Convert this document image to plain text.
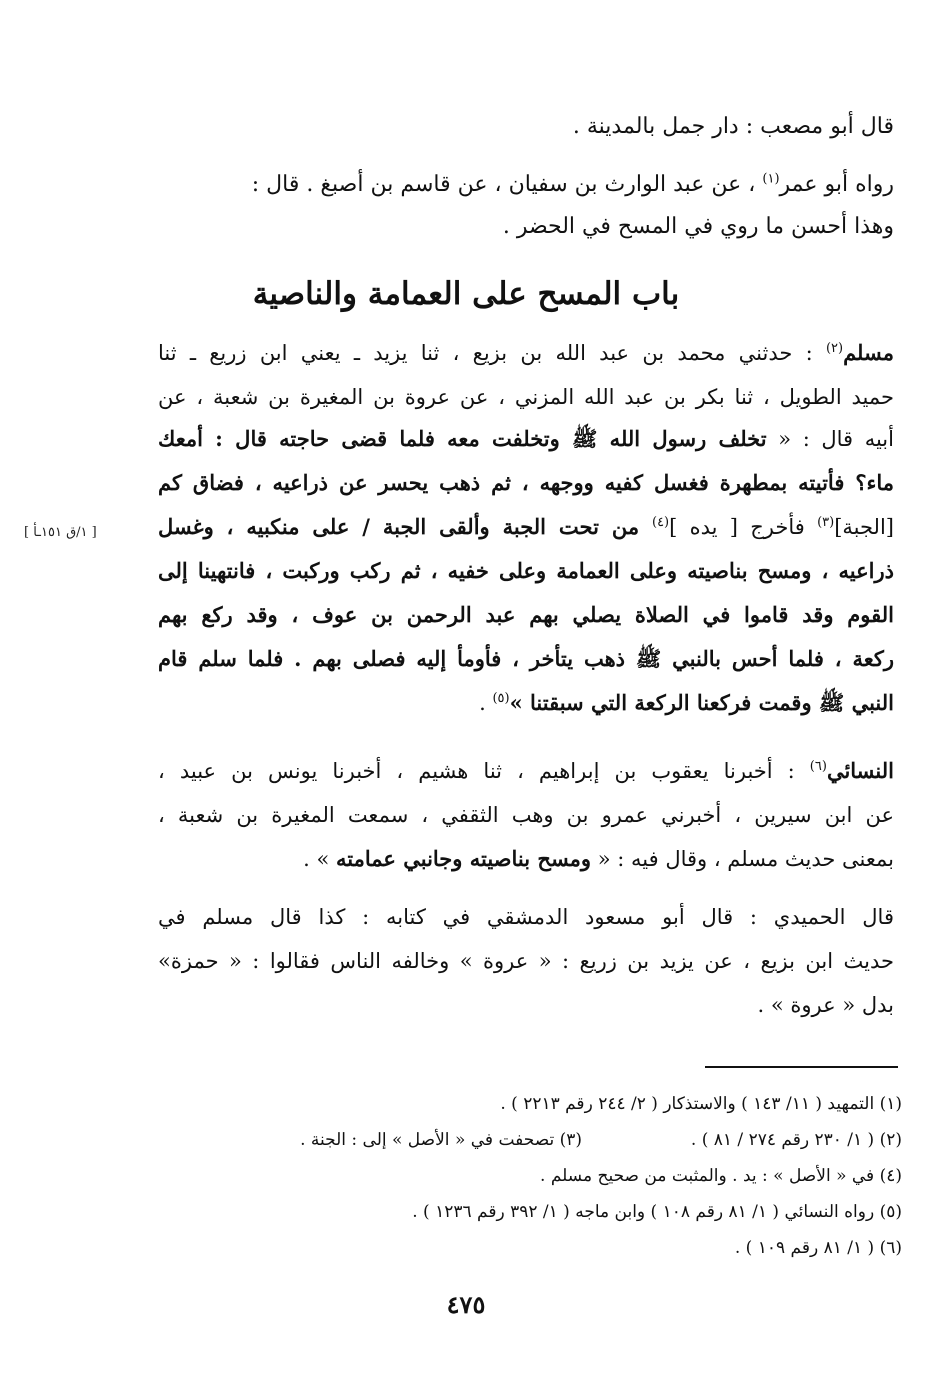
قال أبو مصعب : دار جمل بالمدينة .
رواه أبو عمر$^{(١)}$ ، عن عبد الوارث بن سفيان ، عن قاسم بن أصبغ . قال :
وهذا أحسن ما روي في المسح في الحضر .
باب المسح على العمامة والناصية
مسلم$^{(٢)}$ : حدثني محمد بن عبد الله بن بزيع ، ثنا يزيد ـ يعني ابن زريع ـ ثنا
حميد الطويل ، ثنا بكر بن عبد الله المزني ، عن عروة بن المغيرة بن شعبة ، عن
أبيه قال : « تخلف رسول الله ﷺ وتخلفت معه فلما قضى حاجته قال : أمعك
ماء؟ فأتيته بمطهرة فغسل كفيه ووجهه ، ثم ذهب يحسر عن ذراعيه ، فضاق كم
[الجبة]$^{(٣)}$ فأخرج [ يده ]$^{(٤)}$ من تحت الجبة وألقى الجبة / على منكبيه ، وغسل
ذراعيه ، ومسح بناصيته وعلى العمامة وعلى خفيه ، ثم ركب وركبت ، فانتهينا إلى
القوم وقد قاموا في الصلاة يصلي بهم عبد الرحمن بن عوف ، وقد ركع بهم
ركعة ، فلما أحس بالنبي ﷺ ذهب يتأخر ، فأومأ إليه فصلى بهم . فلما سلم قام
النبي ﷺ وقمت فركعنا الركعة التي سبقتنا »$^{(٥)}$ .
[ ١/ق ١٥١ـأ ]
النسائي$^{(٦)}$ : أخبرنا يعقوب بن إبراهيم ، ثنا هشيم ، أخبرنا يونس بن عبيد ،
عن ابن سيرين ، أخبرني عمرو بن وهب الثقفي ، سمعت المغيرة بن شعبة ،
بمعنى حديث مسلم ، وقال فيه : « ومسح بناصيته وجانبي عمامته » .
قال الحميدي : قال أبو مسعود الدمشقي في كتابه : كذا قال مسلم في
حديث ابن بزيع ، عن يزيد بن زريع : « عروة » وخالفه الناس فقالوا : « حمزة»
بدل « عروة » .
(١) التمهيد ( ١١/ ١٤٣ ) والاستذكار ( ٢/ ٢٤٤ رقم ٢٢١٣ ) .
(٢) ( ١/ ٢٣٠ رقم ٢٧٤ / ٨١ ) .
(٣) تصحفت في « الأصل » إلى : الجنة .
(٤) في « الأصل » : يد . والمثبت من صحيح مسلم .
(٥) رواه النسائي ( ١/ ٨١ رقم ١٠٨ ) وابن ماجه ( ١/ ٣٩٢ رقم ١٢٣٦ ) .
(٦) ( ١/ ٨١ رقم ١٠٩ ) .
٤٧٥
